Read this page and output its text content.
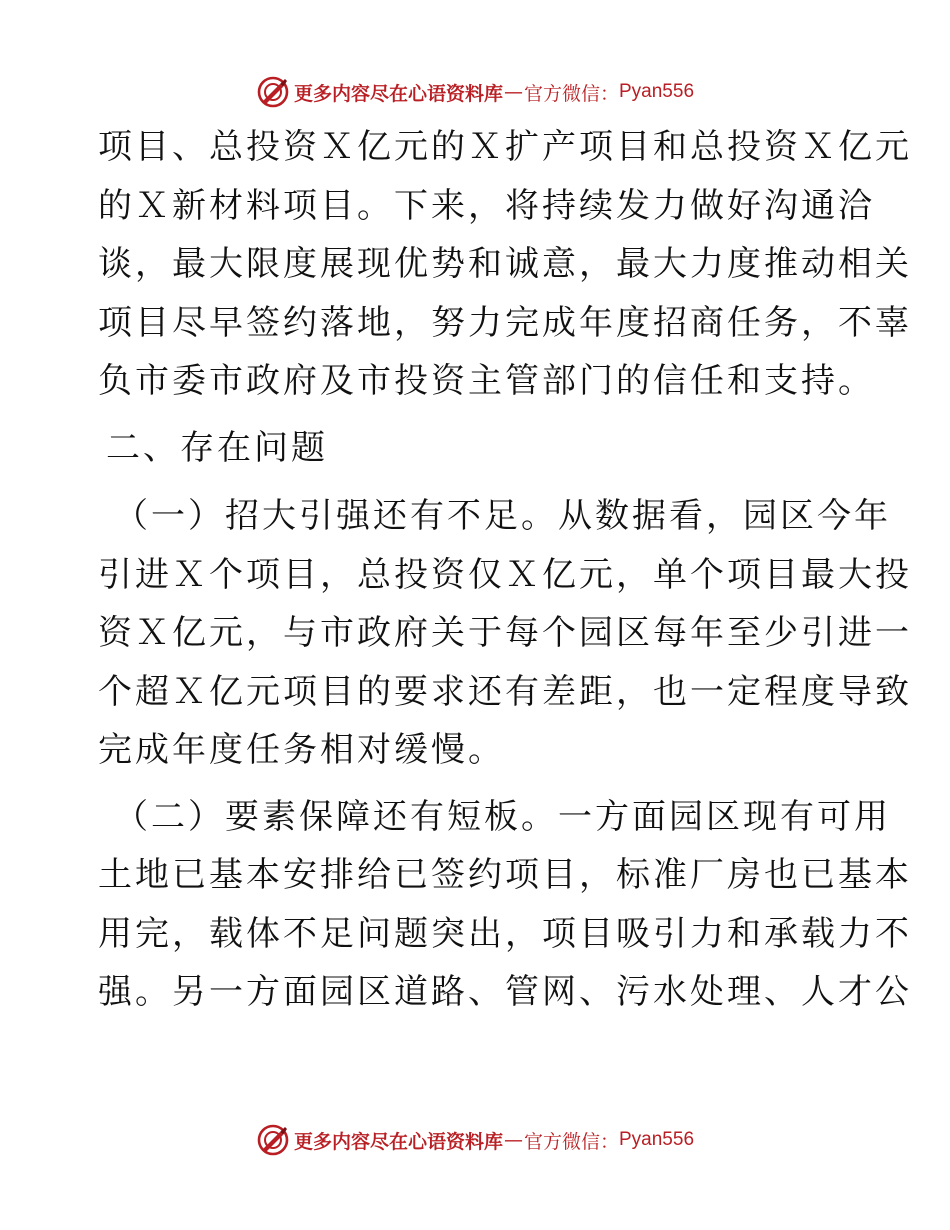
更多内容尽在心语资料库 — 官方微信： Pyan556
项目、总投资Ｘ亿元的Ｘ扩产项目和总投资Ｘ亿元
的Ｘ新材料项目。下来，将持续发力做好沟通洽
谈，最大限度展现优势和诚意，最大力度推动相关
项目尽早签约落地，努力完成年度招商任务，不辜
负市委市政府及市投资主管部门的信任和支持。
二、存在问题
（一）招大引强还有不足。从数据看，园区今年
引进Ｘ个项目，总投资仅Ｘ亿元，单个项目最大投
资Ｘ亿元，与市政府关于每个园区每年至少引进一
个超Ｘ亿元项目的要求还有差距，也一定程度导致
完成年度任务相对缓慢。
（二）要素保障还有短板。一方面园区现有可用
土地已基本安排给已签约项目，标准厂房也已基本
用完，载体不足问题突出，项目吸引力和承载力不
强。另一方面园区道路、管网、污水处理、人才公
更多内容尽在心语资料库 — 官方微信： Pyan556
